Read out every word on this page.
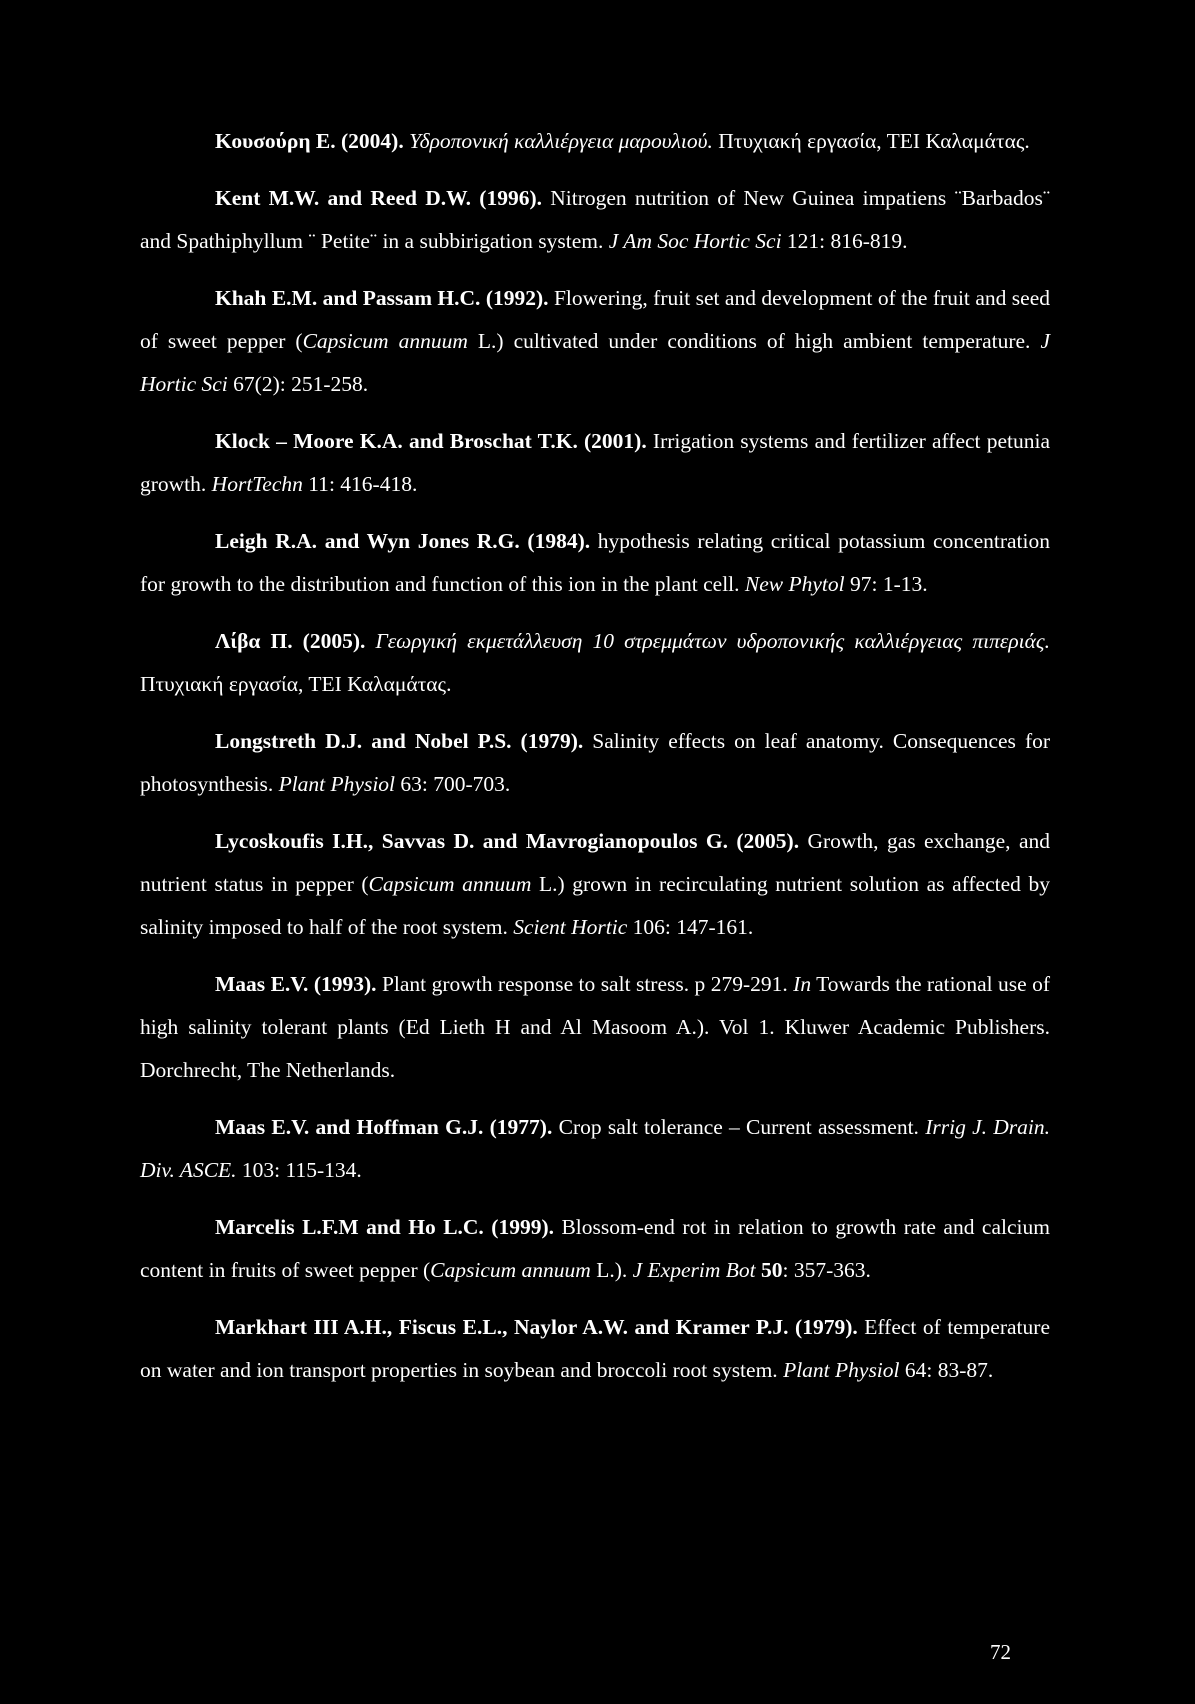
Κουσούρη Ε. (2004). Υδροπονική καλλιέργεια μαρουλιού. Πτυχιακή εργασία, ΤΕΙ Καλαμάτας.

Kent M.W. and Reed D.W. (1996). Nitrogen nutrition of New Guinea impatiens ¨Barbados¨ and Spathiphyllum ¨ Petite¨ in a subbirigation system. J Am Soc Hortic Sci 121: 816-819.

Khah E.M. and Passam H.C. (1992). Flowering, fruit set and development of the fruit and seed of sweet pepper (Capsicum annuum L.) cultivated under conditions of high ambient temperature. J Hortic Sci 67(2): 251-258.

Klock – Moore K.A. and Broschat T.K. (2001). Irrigation systems and fertilizer affect petunia growth. HortTechn 11: 416-418.

Leigh R.A. and Wyn Jones R.G. (1984). hypothesis relating critical potassium concentration for growth to the distribution and function of this ion in the plant cell. New Phytol 97: 1-13.

Λίβα Π. (2005). Γεωργική εκμετάλλευση 10 στρεμμάτων υδροπονικής καλλιέργειας πιπεριάς. Πτυχιακή εργασία, ΤΕΙ Καλαμάτας.

Longstreth D.J. and Nobel P.S. (1979). Salinity effects on leaf anatomy. Consequences for photosynthesis. Plant Physiol 63: 700-703.

Lycoskoufis I.H., Savvas D. and Mavrogianopoulos G. (2005). Growth, gas exchange, and nutrient status in pepper (Capsicum annuum L.) grown in recirculating nutrient solution as affected by salinity imposed to half of the root system. Scient Hortic 106: 147-161.

Maas E.V. (1993). Plant growth response to salt stress. p 279-291. In Towards the rational use of high salinity tolerant plants (Ed Lieth H and Al Masoom A.). Vol 1. Kluwer Academic Publishers. Dorchrecht, The Netherlands.

Maas E.V. and Hoffman G.J. (1977). Crop salt tolerance – Current assessment. Irrig J. Drain. Div. ASCE. 103: 115-134.

Marcelis L.F.M and Ho L.C. (1999). Blossom-end rot in relation to growth rate and calcium content in fruits of sweet pepper (Capsicum annuum L.). J Experim Bot 50: 357-363.

Markhart III A.H., Fiscus E.L., Naylor A.W. and Kramer P.J. (1979). Effect of temperature on water and ion transport properties in soybean and broccoli root system. Plant Physiol 64: 83-87.

72
